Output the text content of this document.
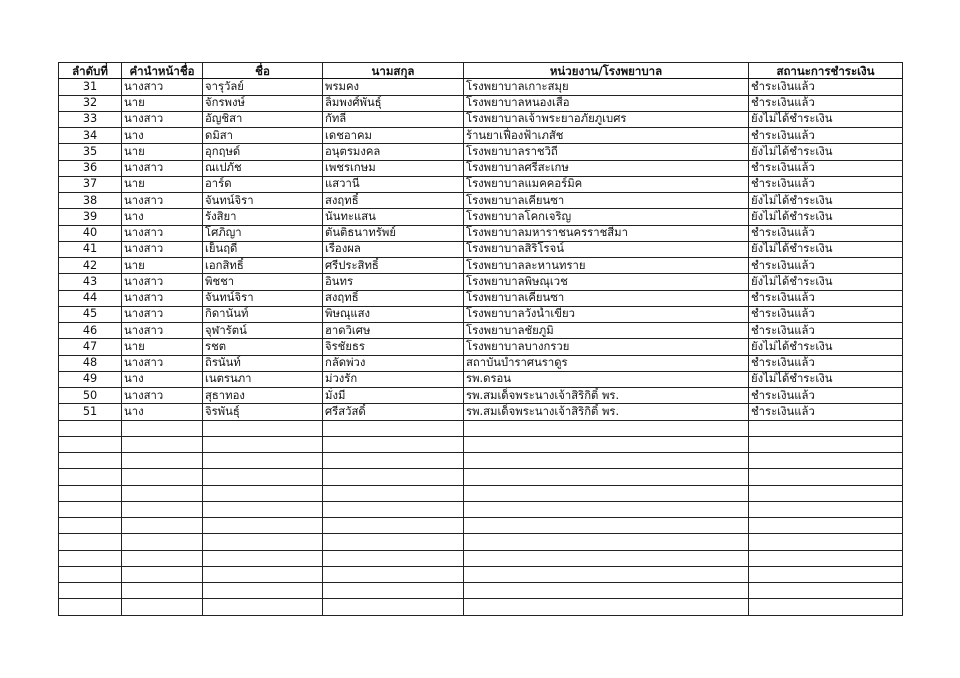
ลำดับที่	คำนำหน้าชื่อ	ชื่อ	นามสกุล	หน่วยงาน/โรงพยาบาล	สถานะการชำระเงิน
31	นางสาว	จารุวัลย์	พรมคง	โรงพยาบาลเกาะสมุย	ชำระเงินแล้ว
32	นาย	จักรพงษ์	ลิ้มพงศ์พันธุ์	โรงพยาบาลหนองเสือ	ชำระเงินแล้ว
33	นางสาว	อัญชิสา	กัทลี	โรงพยาบาลเจ้าพระยาอภัยภูเบศร	ยังไม่ได้ชำระเงิน
34	นาง	ดมิสา	เดชอาคม	ร้านยาเฟื่องฟ้าเภสัช	ชำระเงินแล้ว
35	นาย	อุกฤษด์	อนุตรมงคล	โรงพยาบาลราชวิถี	ยังไม่ได้ชำระเงิน
36	นางสาว	ณเปภัช	เพชรเกษม	โรงพยาบาลศรีสะเกษ	ชำระเงินแล้ว
37	นาย	อาร์ด	แสวานี	โรงพยาบาลแมคคอร์มิค	ชำระเงินแล้ว
38	นางสาว	จันทน์จิรา	สงฤทธิ์	โรงพยาบาลเคียนซา	ยังไม่ได้ชำระเงิน
39	นาง	รังสิยา	นันทะแสน	โรงพยาบาลโคกเจริญ	ยังไม่ได้ชำระเงิน
40	นางสาว	โศภิญา	ตันติธนาทรัพย์	โรงพยาบาลมหาราชนครราชสีมา	ชำระเงินแล้ว
41	นางสาว	เย็นฤดี	เรืองผล	โรงพยาบาลสิริโรจน์	ยังไม่ได้ชำระเงิน
42	นาย	เอกสิทธิ์	ศรีประสิทธิ์	โรงพยาบาลละหานทราย	ชำระเงินแล้ว
43	นางสาว	พิชชา	อินทร	โรงพยาบาลพิษณุเวช	ยังไม่ได้ชำระเงิน
44	นางสาว	จันทน์จิรา	สงฤทธิ์	โรงพยาบาลเคียนซา	ชำระเงินแล้ว
45	นางสาว	กิดานันท์	พิษณุแสง	โรงพยาบาลวังน้ำเขียว	ชำระเงินแล้ว
46	นางสาว	จุฬารัตน์	ฮาดวิเศษ	โรงพยาบาลชัยภูมิ	ชำระเงินแล้ว
47	นาย	รชต	จิรชัยธร	โรงพยาบาลบางกรวย	ยังไม่ได้ชำระเงิน
48	นางสาว	ถิรนันท์	กลัดพ่วง	สถาบันบำราศนราดูร	ชำระเงินแล้ว
49	นาง	เนตรนภา	ม่วงรัก	รพ.ดรอน	ยังไม่ได้ชำระเงิน
50	นางสาว	สุธาทอง	มั่งมี	รพ.สมเด็จพระนางเจ้าสิริกิติ์ พร.	ชำระเงินแล้ว
51	นาง	จิรพันธุ์	ศรีสวัสดิ์	รพ.สมเด็จพระนางเจ้าสิริกิติ์ พร.	ชำระเงินแล้ว
